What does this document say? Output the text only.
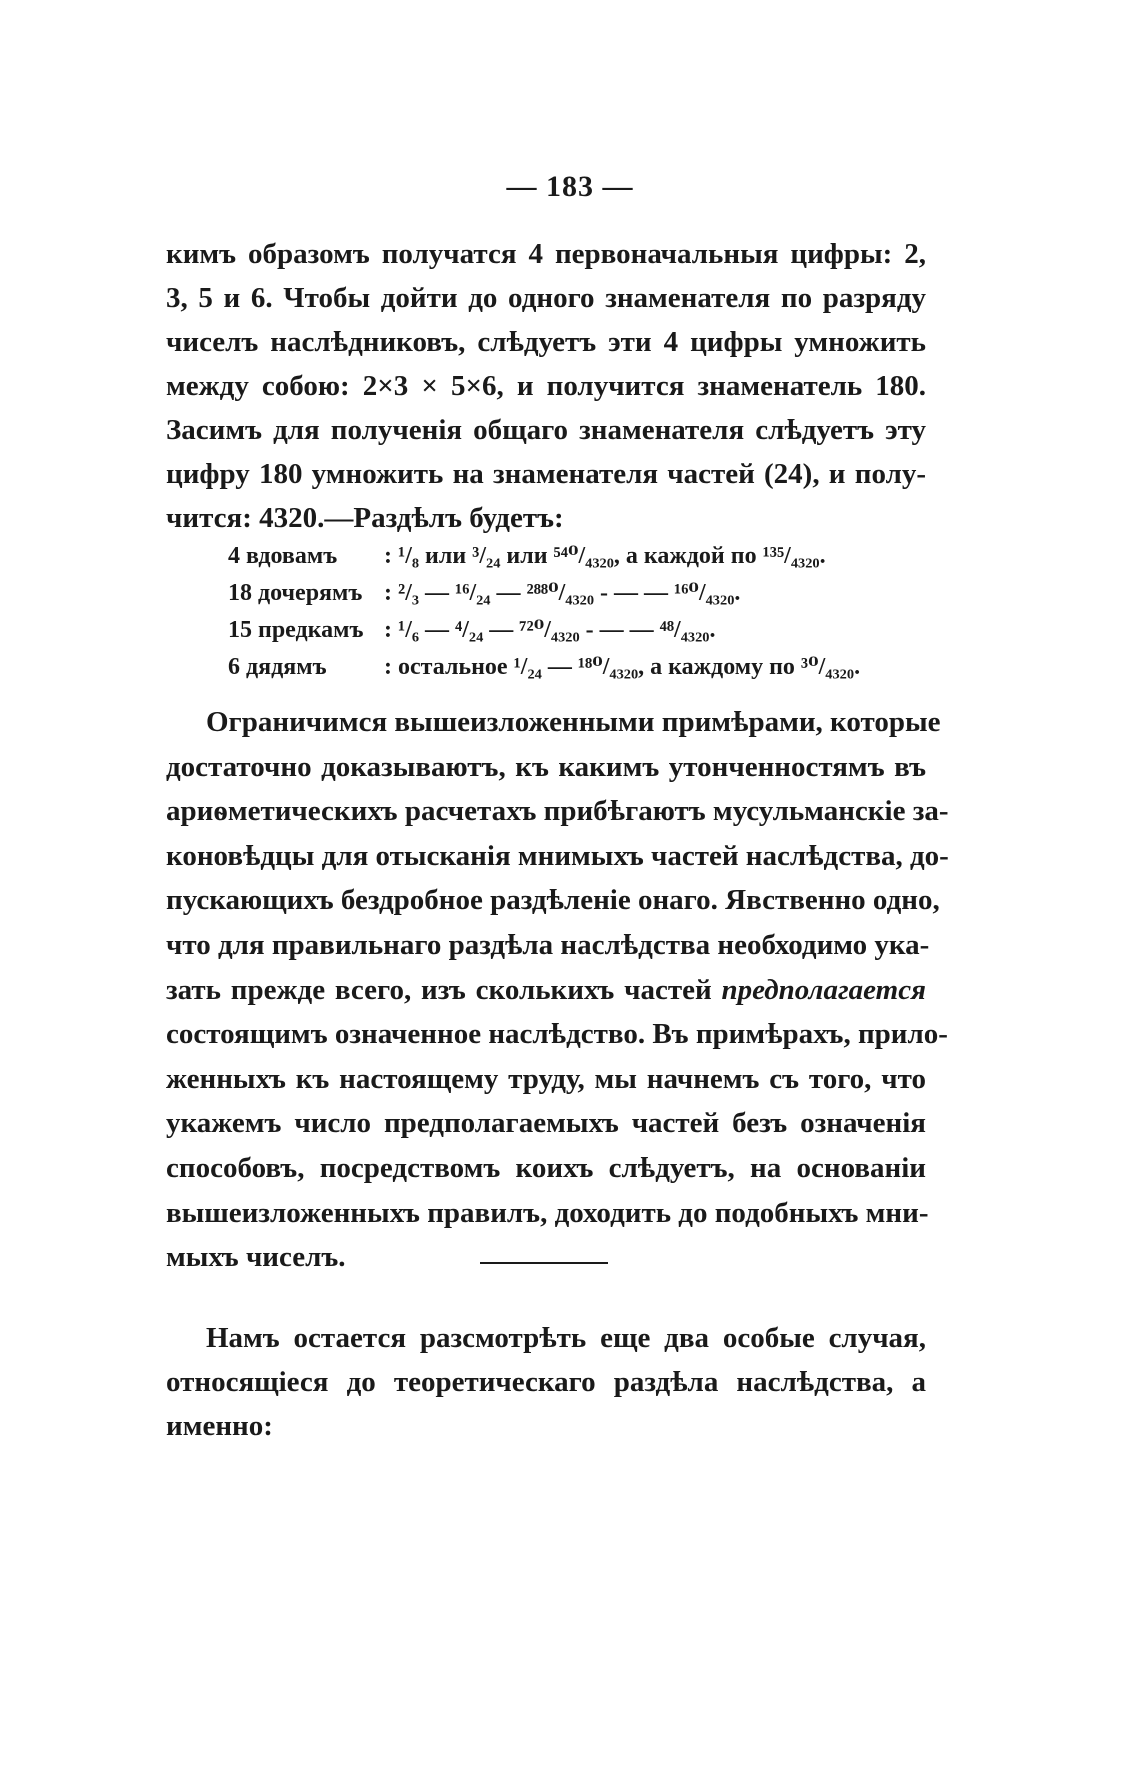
— 183 —
кимъ образомъ получатся 4 первоначальныя цифры: 2,
3, 5 и 6. Чтобы дойти до одного знаменателя по разряду
чиселъ наслѣдниковъ, слѣдуетъ эти 4 цифры умножить
между собою: 2×3 × 5×6, и получится знаменатель 180.
Засимъ для полученія общаго знаменателя слѣдуетъ эту
цифру 180 умножить на знаменателя частей (24), и полу-
чится: 4320.—Раздѣлъ будетъ:
4 вдовамъ : ¹/₈ или ³/₂₄ или ⁵⁴⁰/₄₃₂₀, а каждой по ¹³⁵/₄₃₂₀.
18 дочерямъ : ²/₃ — ¹⁶/₂₄ — ²⁸⁸⁰/₄₃₂₀ - — — ¹⁶⁰/₄₃₂₀.
15 предкамъ : ¹/₆ — ⁴/₂₄ — ⁷²⁰/₄₃₂₀ - — — ⁴⁸/₄₃₂₀.
6 дядямъ : остальное ¹/₂₄ — ¹⁸⁰/₄₃₂₀, а каждому по ³⁰/₄₃₂₀.
Ограничимся вышеизложенными примѣрами, которые
достаточно доказываютъ, къ какимъ утонченностямъ въ
ариѳметическихъ расчетахъ прибѣгаютъ мусульманскіе за-
коновѣдцы для отысканія мнимыхъ частей наслѣдства, до-
пускающихъ бездробное раздѣленіе онаго. Явственно одно,
что для правильнаго раздѣла наслѣдства необходимо ука-
зать прежде всего, изъ сколькихъ частей предполагается
состоящимъ означенное наслѣдство. Въ примѣрахъ, прило-
женныхъ къ настоящему труду, мы начнемъ съ того, что
укажемъ число предполагаемыхъ частей безъ означенія
способовъ, посредствомъ коихъ слѣдуетъ, на основаніи
вышеизложенныхъ правилъ, доходить до подобныхъ мни-
мыхъ чиселъ.
Намъ остается разсмотрѣть еще два особые случая,
относящіеся до теоретическаго раздѣла наслѣдства, а
именно:
